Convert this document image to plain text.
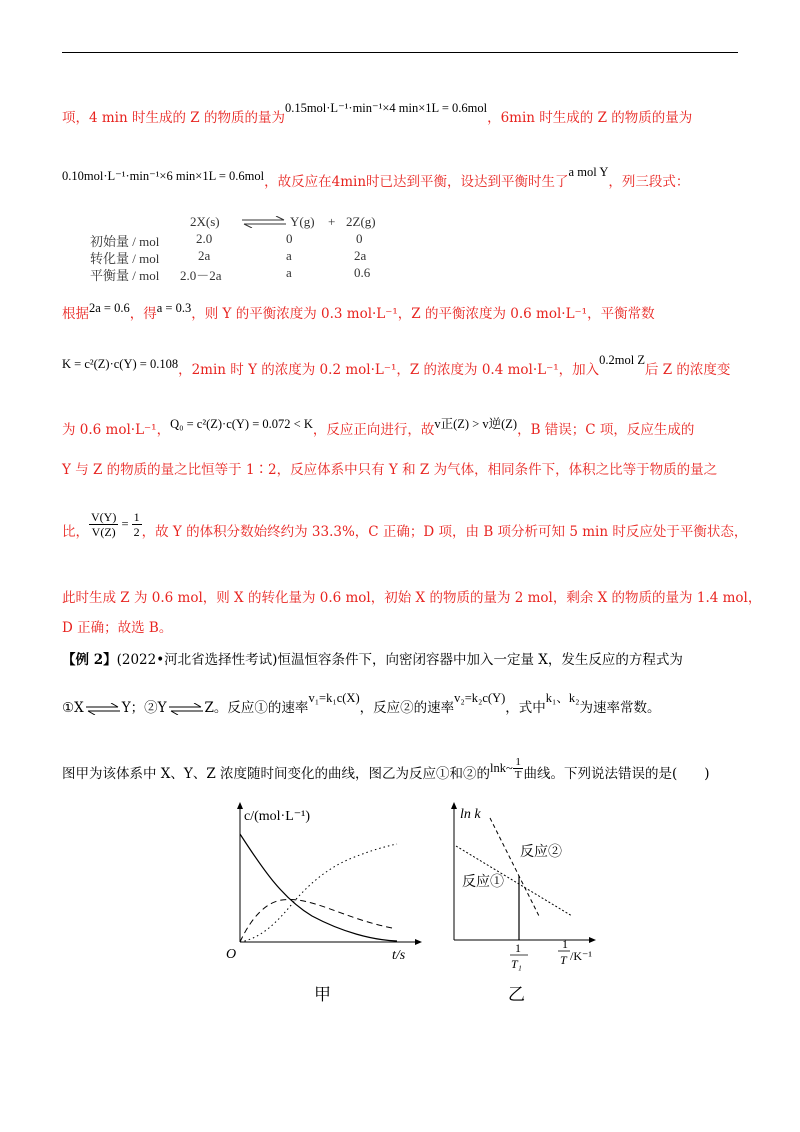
项，4 min 时生成的 Z 的物质的量为0.15mol·L⁻¹·min⁻¹×4 min×1L = 0.6mol，6min 时生成的 Z 的物质的量为
0.10mol·L⁻¹·min⁻¹×6 min×1L = 0.6mol，故反应在4min时已达到平衡，设达到平衡时生了a mol Y，列三段式：
2X(s) ⇌ Y(g) + 2Z(g)
初始量 / mol	2.0	0	0
转化量 / mol	2a	a	2a
平衡量 / mol 2.0－2a	a	0.6
根据2a = 0.6，得a = 0.3，则 Y 的平衡浓度为 0.3 mol·L⁻¹，Z 的平衡浓度为 0.6 mol·L⁻¹，平衡常数
K = c²(Z)·c(Y) = 0.108，2min 时 Y 的浓度为 0.2 mol·L⁻¹，Z 的浓度为 0.4 mol·L⁻¹，加入0.2mol Z后 Z 的浓度变
为 0.6 mol·L⁻¹，Q₀ = c²(Z)·c(Y) = 0.072 < K，反应正向进行，故v正(Z) > v逆(Z)，B 错误；C 项，反应生成的
Y 与 Z 的物质的量之比恒等于 1∶2，反应体系中只有 Y 和 Z 为气体，相同条件下，体积之比等于物质的量之
比， $\frac{V(Y)}{V(Z)} = \frac{1}{2}$ ，故 Y 的体积分数始终约为 33.3%，C 正确；D 项，由 B 项分析可知 5 min 时反应处于平衡状态，
此时生成 Z 为 0.6 mol，则 X 的转化量为 0.6 mol，初始 X 的物质的量为 2 mol，剩余 X 的物质的量为 1.4 mol，
D 正确；故选 B。
【例 2】(2022•河北省选择性考试)恒温恒容条件下，向密闭容器中加入一定量 X，发生反应的方程式为
①X⇌Y；②Y⇌Z。反应①的速率v₁=k₁c(X)，反应②的速率v₂=k₂c(Y)，式中k₁、k₂为速率常数。
图甲为该体系中 X、Y、Z 浓度随时间变化的曲线，图乙为反应①和②的lnk~ $\frac{1}{T}$ 曲线。下列说法错误的是(　　)
c/(mol·L⁻¹)
t/s
O
甲
ln k
反应②
反应①
1
T₁
1
T /K⁻¹
乙
